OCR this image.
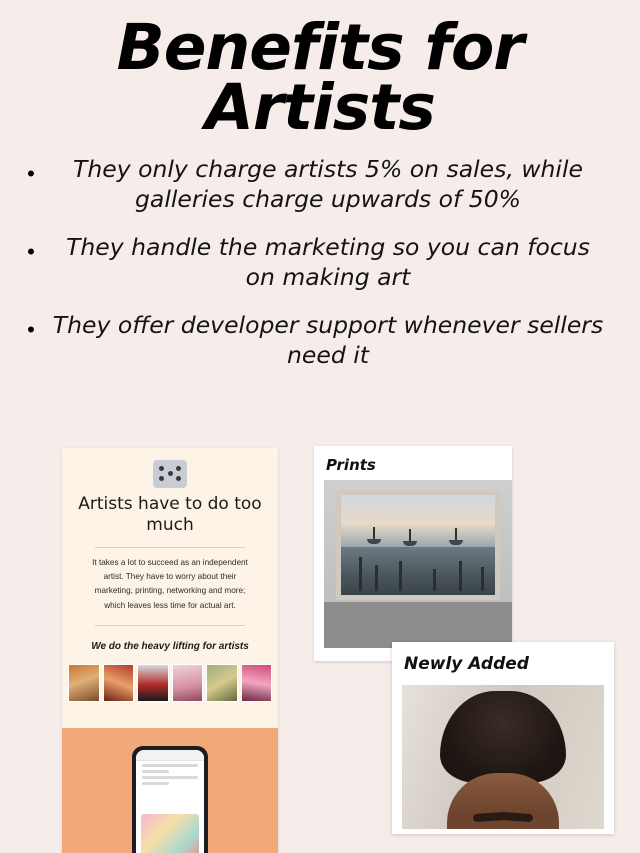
Benefits for
Artists
•	They only charge artists 5% on sales, while galleries charge upwards of 50%
•	They handle the marketing so you can focus on making art
• They offer developer support whenever sellers need it
Artists have to do too much

It takes a lot to succeed as an independent artist. They have to worry about their marketing, printing, networking and more; which leaves less time for actual art.

We do the heavy lifting for artists

Prints
Newly Added
